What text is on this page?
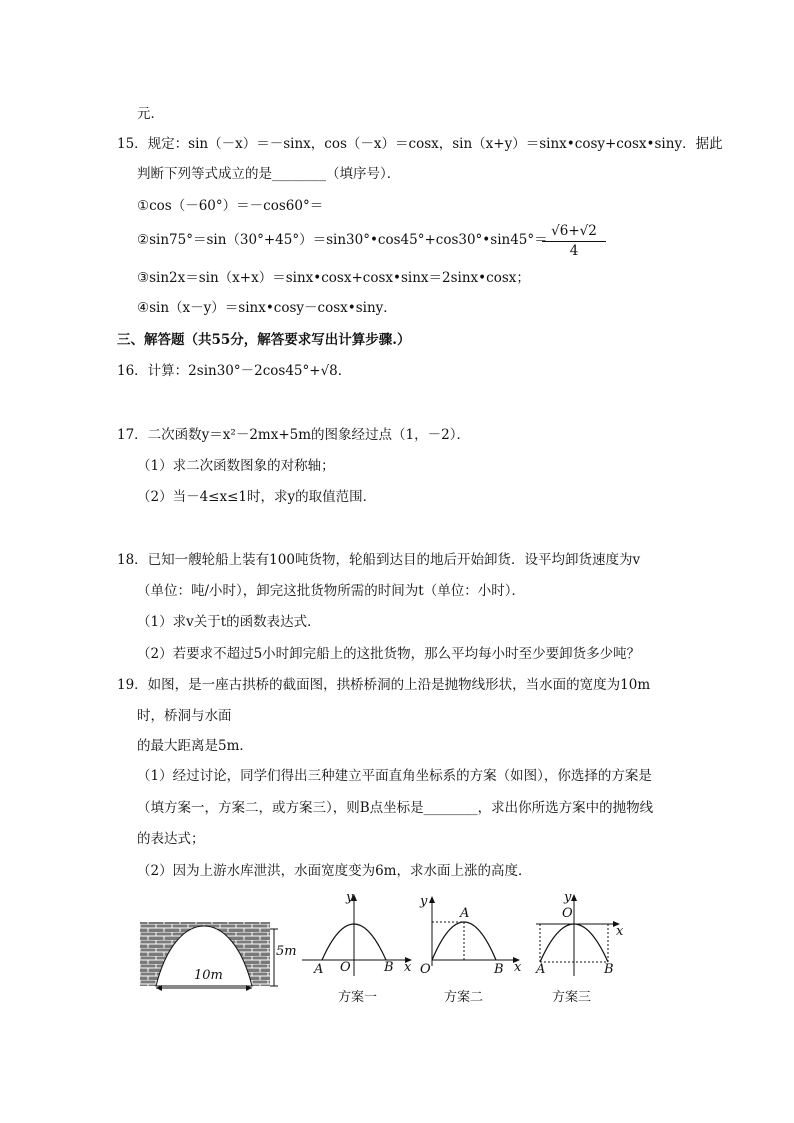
元．
15．规定：sin（－x）＝－sinx，cos（－x）＝cosx，sin（x+y）＝sinx•cosy+cosx•siny．据此
判断下列等式成立的是________（填序号）．
①cos（－60°）＝－cos60°＝
②sin75°＝sin（30°+45°）＝sin30°•cos45°+cos30°•sin45°＝
√6+√2
4
③sin2x＝sin（x+x）＝sinx•cosx+cosx•sinx＝2sinx•cosx；
④sin（x－y）＝sinx•cosy－cosx•siny．
三、解答题（共55分，解答要求写出计算步骤.）
16．计算：2sin30°－2cos45°+√8．
17．二次函数y＝x²－2mx+5m的图象经过点（1，－2）．
（1）求二次函数图象的对称轴；
（2）当－4≤x≤1时，求y的取值范围．
18．已知一艘轮船上装有100吨货物，轮船到达目的地后开始卸货．设平均卸货速度为v
（单位：吨/小时），卸完这批货物所需的时间为t（单位：小时）．
（1）求v关于t的函数表达式．
（2）若要求不超过5小时卸完船上的这批货物，那么平均每小时至少要卸货多少吨？
19．如图，是一座古拱桥的截面图，拱桥桥洞的上沿是抛物线形状，当水面的宽度为10m
时，桥洞与水面
的最大距离是5m．
（1）经过讨论，同学们得出三种建立平面直角坐标系的方案（如图），你选择的方案是
（填方案一，方案二，或方案三），则B点坐标是________，求出你所选方案中的抛物线
的表达式；
（2）因为上游水库泄洪，水面宽度变为6m，求水面上涨的高度．
10m
5m
y
x
O
A	B
方案一
y
x
O
A
B
方案二
y
x
O
A	B
方案三
